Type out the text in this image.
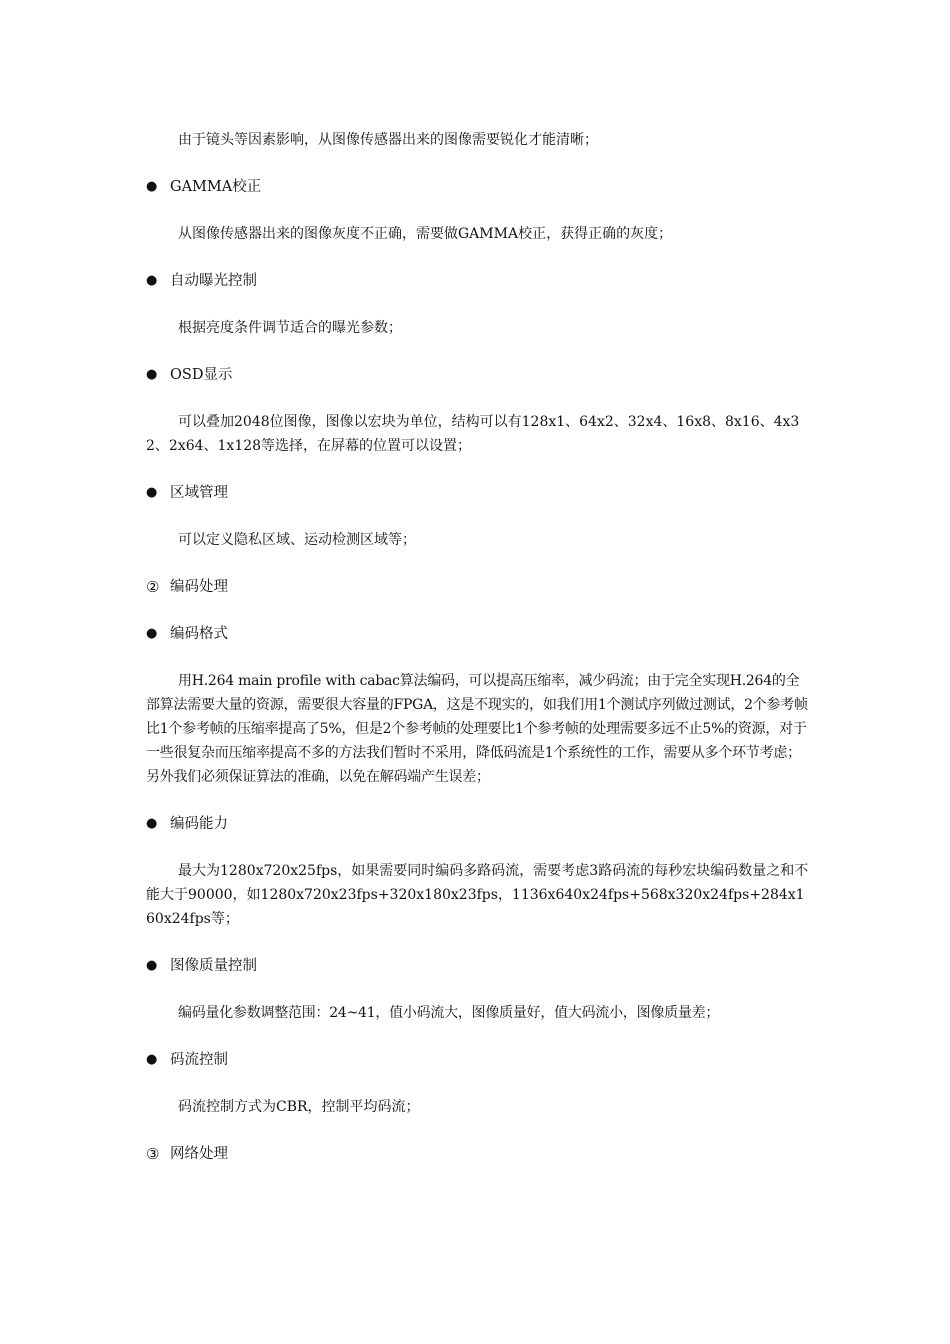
由于镜头等因素影响，从图像传感器出来的图像需要锐化才能清晰；

● GAMMA校正

从图像传感器出来的图像灰度不正确，需要做GAMMA校正，获得正确的灰度；

● 自动曝光控制

根据亮度条件调节适合的曝光参数；

● OSD显示

可以叠加2048位图像，图像以宏块为单位，结构可以有128x1、64x2、32x4、16x8、8x16、4x32、2x64、1x128等选择，在屏幕的位置可以设置；

● 区域管理

可以定义隐私区域、运动检测区域等；

② 编码处理
● 编码格式

用H.264 main profile with cabac算法编码，可以提高压缩率，减少码流；由于完全实现H.264的全部算法需要大量的资源，需要很大容量的FPGA，这是不现实的，如我们用1个测试序列做过测试，2个参考帧比1个参考帧的压缩率提高了5%，但是2个参考帧的处理要比1个参考帧的处理需要多远不止5%的资源，对于一些很复杂而压缩率提高不多的方法我们暂时不采用，降低码流是1个系统性的工作，需要从多个环节考虑；另外我们必须保证算法的准确，以免在解码端产生误差；

● 编码能力

最大为1280x720x25fps，如果需要同时编码多路码流，需要考虑3路码流的每秒宏块编码数量之和不能大于90000，如1280x720x23fps+320x180x23fps，1136x640x24fps+568x320x24fps+284x160x24fps等；

● 图像质量控制

编码量化参数调整范围：24~41，值小码流大，图像质量好，值大码流小，图像质量差；

● 码流控制

码流控制方式为CBR，控制平均码流；

③ 网络处理
